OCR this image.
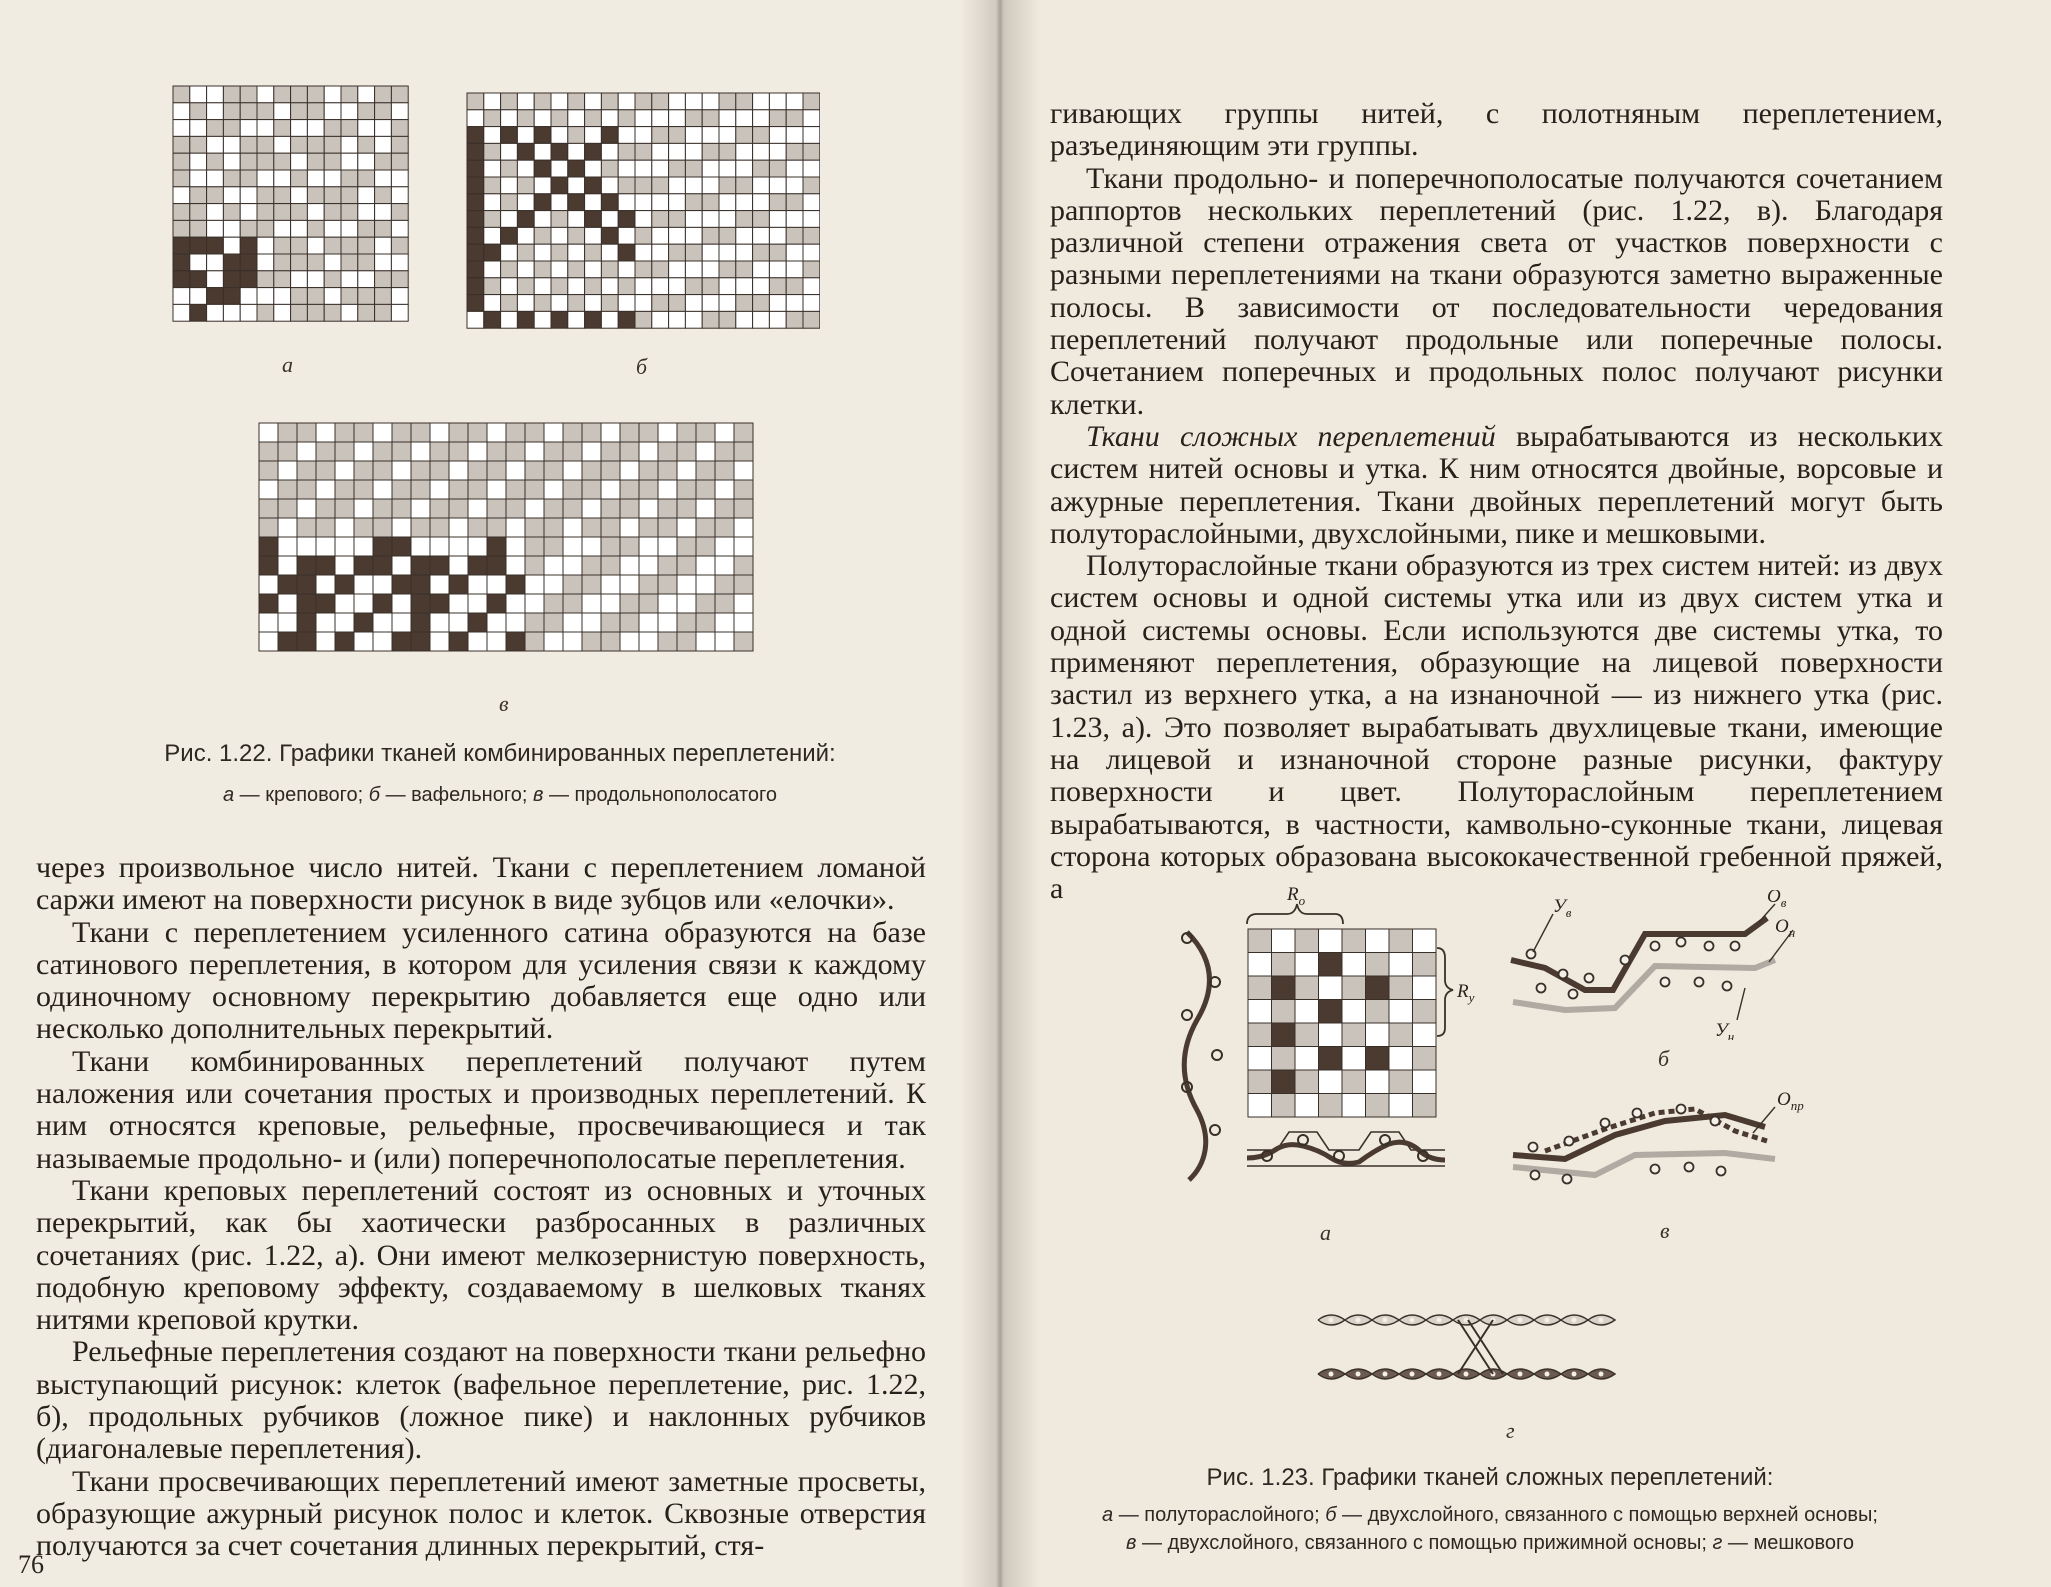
а	б
в
Рис. 1.22. Графики тканей комбинированных переплетений:
а — крепового; б — вафельного; в — продольнополосатого

через произвольное число нитей. Ткани с переплетением ломаной саржи имеют на поверхности рисунок в виде зубцов или «елочки».

Ткани с переплетением усиленного сатина образуются на базе сатинового переплетения, в котором для усиления связи к каждому одиночному основному перекрытию добавляется еще одно или несколько дополнительных перекрытий.

Ткани комбинированных переплетений получают путем наложения или сочетания простых и производных переплетений. К ним относятся креповые, рельефные, просвечивающиеся и так называемые продольно- и (или) поперечнополосатые переплетения.

Ткани креповых переплетений состоят из основных и уточных перекрытий, как бы хаотически разбросанных в различных сочетаниях (рис. 1.22, а). Они имеют мелкозернистую поверхность, подобную креповому эффекту, создаваемому в шелковых тканях нитями креповой крутки.

Рельефные переплетения создают на поверхности ткани рельефно выступающий рисунок: клеток (вафельное переплетение, рис. 1.22, б), продольных рубчиков (ложное пике) и наклонных рубчиков (диагоналевые переплетения).

Ткани просвечивающих переплетений имеют заметные просветы, образующие ажурный рисунок полос и клеток. Сквозные отверстия получаются за счет сочетания длинных перекрытий, стя-

76

гивающих группы нитей, с полотняным переплетением, разъединяющим эти группы.

Ткани продольно- и поперечнополосатые получаются сочетанием раппортов нескольких переплетений (рис. 1.22, в). Благодаря различной степени отражения света от участков поверхности с разными переплетениями на ткани образуются заметно выраженные полосы. В зависимости от последовательности чередования переплетений получают продольные или поперечные полосы. Сочетанием поперечных и продольных полос получают рисунки клетки.

Ткани сложных переплетений вырабатываются из нескольких систем нитей основы и утка. К ним относятся двойные, ворсовые и ажурные переплетения. Ткани двойных переплетений могут быть полутораслойными, двухслойными, пике и мешковыми.

Полутораслойные ткани образуются из трех систем нитей: из двух систем основы и одной системы утка или из двух систем утка и одной системы основы. Если используются две системы утка, то применяют переплетения, образующие на лицевой поверхности застил из верхнего утка, а на изнаночной — из нижнего утка (рис. 1.23, а). Это позволяет вырабатывать двухлицевые ткани, имеющие на лицевой и изнаночной стороне разные рисунки, фактуру поверхности и цвет. Полутораслойным переплетением вырабатываются, в частности, камвольно-суконные ткани, лицевая сторона которых образована высококачественной гребенной пряжей, а	$R_о$
$R_у$
а
$У_в$
$О_в$
$О_н$
$У_н$
б
$О_{пр}$
в
г
Рис. 1.23. Графики тканей сложных переплетений:
а — полутораслойного; б — двухслойного, связанного с помощью верхней основы;
в — двухслойного, связанного с помощью прижимной основы; г — мешкового
